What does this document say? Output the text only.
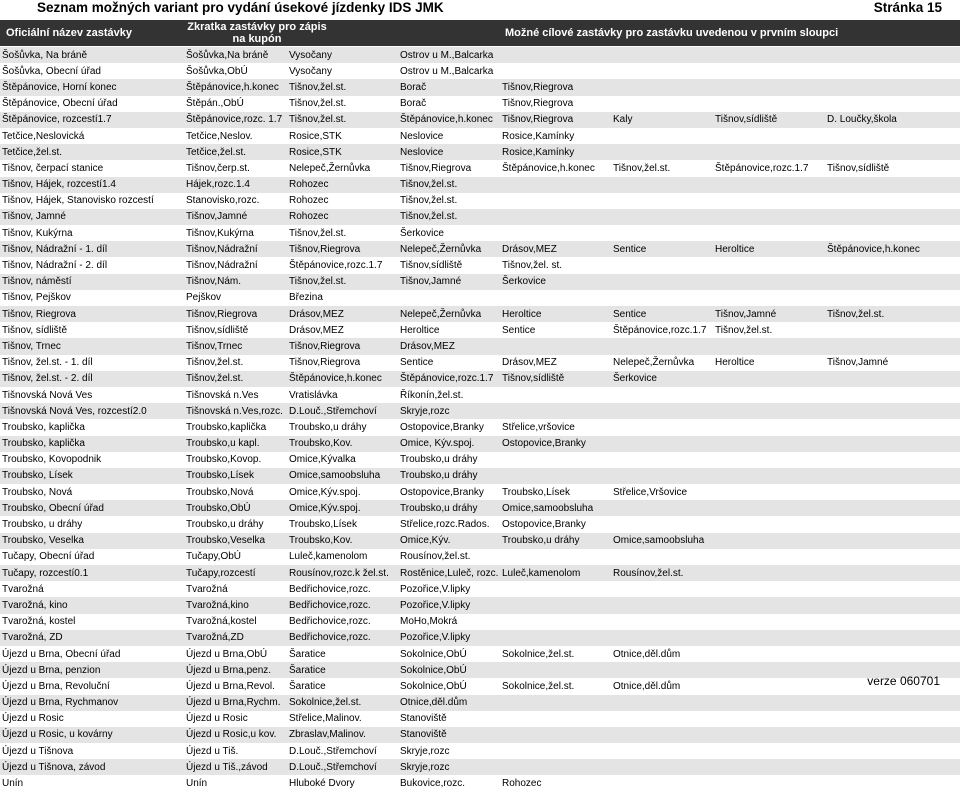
Seznam možných variant pro vydání úsekové jízdenky IDS JMK	Stránka 15
Oficiální název zastávky	Zkratka zastávky pro zápis na kupón	Možné cílové zastávky pro zastávku uvedenou v prvním sloupci
Šošůvka, Na bráně	Šošůvka,Na bráně	Vysočany	Ostrov u M.,Balcarka					
Šošůvka, Obecní úřad	Šošůvka,ObÚ	Vysočany	Ostrov u M.,Balcarka					
Štěpánovice, Horní konec	Štěpánovice,h.konec	Tišnov,žel.st.	Borač	Tišnov,Riegrova				
Štěpánovice, Obecní úřad	Štěpán.,ObÚ	Tišnov,žel.st.	Borač	Tišnov,Riegrova				
Štěpánovice, rozcestí1.7	Štěpánovice,rozc. 1.7	Tišnov,žel.st.	Štěpánovice,h.konec	Tišnov,Riegrova	Kaly	Tišnov,sídliště	D. Loučky,škola	
Tetčice,Neslovická	Tetčice,Neslov.	Rosice,STK	Neslovice	Rosice,Kamínky				
Tetčice,žel.st.	Tetčice,žel.st.	Rosice,STK	Neslovice	Rosice,Kamínky				
Tišnov, čerpací stanice	Tišnov,čerp.st.	Nelepeč,Žernůvka	Tišnov,Riegrova	Štěpánovice,h.konec	Tišnov,žel.st.	Štěpánovice,rozc.1.7	Tišnov,sídliště	
Tišnov, Hájek, rozcestí1.4	Hájek,rozc.1.4	Rohozec	Tišnov,žel.st.					
Tišnov, Hájek, Stanovisko rozcestí	Stanovisko,rozc.	Rohozec	Tišnov,žel.st.					
Tišnov, Jamné	Tišnov,Jamné	Rohozec	Tišnov,žel.st.					
Tišnov, Kukýrna	Tišnov,Kukýrna	Tišnov,žel.st.	Šerkovice					
Tišnov, Nádražní - 1. díl	Tišnov,Nádražní	Tišnov,Riegrova	Nelepeč,Žernůvka	Drásov,MEZ	Sentice	Heroltice	Štěpánovice,h.konec	
Tišnov, Nádražní - 2. díl	Tišnov,Nádražní	Štěpánovice,rozc.1.7	Tišnov,sídliště	Tišnov,žel. st.				
Tišnov, náměstí	Tišnov,Nám.	Tišnov,žel.st.	Tišnov,Jamné	Šerkovice				
Tišnov, Pejškov	Pejškov	Březina						
Tišnov, Riegrova	Tišnov,Riegrova	Drásov,MEZ	Nelepeč,Žernůvka	Heroltice	Sentice	Tišnov,Jamné	Tišnov,žel.st.	
Tišnov, sídliště	Tišnov,sídliště	Drásov,MEZ	Heroltice	Sentice	Štěpánovice,rozc.1.7	Tišnov,žel.st.		
Tišnov, Trnec	Tišnov,Trnec	Tišnov,Riegrova	Drásov,MEZ					
Tišnov, žel.st. - 1. díl	Tišnov,žel.st.	Tišnov,Riegrova	Sentice	Drásov,MEZ	Nelepeč,Žernůvka	Heroltice	Tišnov,Jamné	
Tišnov, žel.st. - 2. díl	Tišnov,žel.st.	Štěpánovice,h.konec	Štěpánovice,rozc.1.7	Tišnov,sídliště	Šerkovice			
Tišnovská Nová Ves	Tišnovská n.Ves	Vratislávka	Říkonín,žel.st.					
Tišnovská Nová Ves, rozcestí2.0	Tišnovská n.Ves,rozc.	D.Louč.,Střemchoví	Skryje,rozc					
Troubsko, kaplička	Troubsko,kaplička	Troubsko,u dráhy	Ostopovice,Branky	Střelice,vršovice				
Troubsko, kaplička	Troubsko,u kapl.	Troubsko,Kov.	Omice, Kýv.spoj.	Ostopovice,Branky				
Troubsko, Kovopodnik	Troubsko,Kovop.	Omice,Kývalka	Troubsko,u dráhy					
Troubsko, Lísek	Troubsko,Lísek	Omice,samoobsluha	Troubsko,u dráhy					
Troubsko, Nová	Troubsko,Nová	Omice,Kýv.spoj.	Ostopovice,Branky	Troubsko,Lísek	Střelice,Vršovice			
Troubsko, Obecní úřad	Troubsko,ObÚ	Omice,Kýv.spoj.	Troubsko,u dráhy	Omice,samoobsluha				
Troubsko, u dráhy	Troubsko,u dráhy	Troubsko,Lísek	Střelice,rozc.Rados.	Ostopovice,Branky				
Troubsko, Veselka	Troubsko,Veselka	Troubsko,Kov.	Omice,Kýv.	Troubsko,u dráhy	Omice,samoobsluha			
Tučapy, Obecní úřad	Tučapy,ObÚ	Luleč,kamenolom	Rousínov,žel.st.					
Tučapy, rozcestí0.1	Tučapy,rozcestí	Rousínov,rozc.k žel.st.	Rostěnice,Luleč, rozc.	Luleč,kamenolom	Rousínov,žel.st.			
Tvarožná	Tvarožná	Bedřichovice,rozc.	Pozořice,V.lipky					
Tvarožná, kino	Tvarožná,kino	Bedřichovice,rozc.	Pozořice,V.lipky					
Tvarožná, kostel	Tvarožná,kostel	Bedřichovice,rozc.	MoHo,Mokrá					
Tvarožná, ZD	Tvarožná,ZD	Bedřichovice,rozc.	Pozořice,V.lipky					
Újezd u Brna, Obecní úřad	Újezd u Brna,ObÚ	Šaratice	Sokolnice,ObÚ	Sokolnice,žel.st.	Otnice,děl.dům			
Újezd u Brna, penzion	Újezd u Brna,penz.	Šaratice	Sokolnice,ObÚ					
Újezd u Brna, Revoluční	Újezd u Brna,Revol.	Šaratice	Sokolnice,ObÚ	Sokolnice,žel.st.	Otnice,děl.dům			
Újezd u Brna, Rychmanov	Újezd u Brna,Rychm.	Sokolnice,žel.st.	Otnice,děl.dům					
Újezd u Rosic	Újezd u Rosic	Střelice,Malinov.	Stanoviště					
Újezd u Rosic, u kovárny	Újezd u Rosic,u kov.	Zbraslav,Malinov.	Stanoviště					
Újezd u Tišnova	Újezd u Tiš.	D.Louč.,Střemchoví	Skryje,rozc					
Újezd u Tišnova, závod	Újezd u Tiš.,závod	D.Louč.,Střemchoví	Skryje,rozc					
Unín	Unín	Hluboké Dvory	Bukovice,rozc.	Rohozec				
verze 060701
